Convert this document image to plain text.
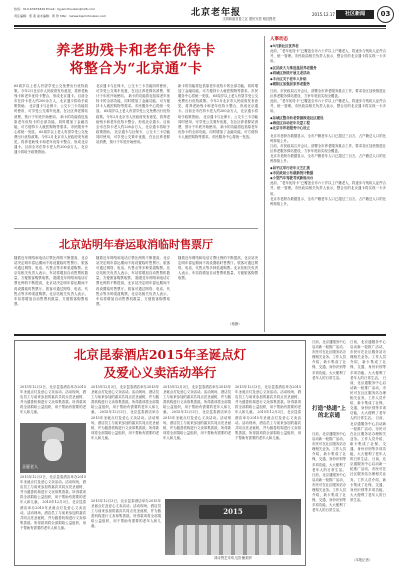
热线：010-63976329 Email：bjysmzhoukan@126.com
责任编辑：邢 燕 美术编辑：周 珍 http：//www.bjsmzhoukan.com	北京老年报
文明和谐首善之区 愿民安居 相扶携老
2015.12.17	社区新闻	03
养老助残卡和老年优待卡
将整合为“北京通”卡
65周岁以上老人有望享受公交免费出行优待政策。今年2月北京市人民政府发布意见，将养老助残卡和老年优待卡整合，形成北京通卡。目前全市在持卡老人约200余万人，北京通卡将给予政策资助。 北京通卡与社保卡，公交卡三卡功能同时使用，可享受公交乘车优惠，在社区养老驿站消费，预计于年底开始使用。 新卡的功能将包括原老年优待卡的全部功能，同时增加了金融功能，可方便持卡人就医购物等需求。市民服务中心将统一发放。 65周岁以上老人有望享受公交免费出行优待政策。今年2月北京市人民政府发布意见，将养老助残卡和老年优待卡整合，形成北京通卡。目前全市在持卡老人约200余万人，北京通卡将给予政策资助。
北京通卡与社保卡，公交卡三卡功能同时使用，可享受公交乘车优惠，在社区养老驿站消费，预计于年底开始使用。 新卡的功能将包括原老年优待卡的全部功能，同时增加了金融功能，可方便持卡人就医购物等需求。市民服务中心将统一发放。 65周岁以上老人有望享受公交免费出行优待政策。今年2月北京市人民政府发布意见，将养老助残卡和老年优待卡整合，形成北京通卡。目前全市在持卡老人约200余万人，北京通卡将给予政策资助。 北京通卡与社保卡，公交卡三卡功能同时使用，可享受公交乘车优惠，在社区养老驿站消费，预计于年底开始使用。
新卡的功能将包括原老年优待卡的全部功能，同时增加了金融功能，可方便持卡人就医购物等需求。市民服务中心将统一发放。 65周岁以上老人有望享受公交免费出行优待政策。今年2月北京市人民政府发布意见，将养老助残卡和老年优待卡整合，形成北京通卡。目前全市在持卡老人约200余万人，北京通卡将给予政策资助。 北京通卡与社保卡，公交卡三卡功能同时使用，可享受公交乘车优惠，在社区养老驿站消费，预计于年底开始使用。 新卡的功能将包括原老年优待卡的全部功能，同时增加了金融功能，可方便持卡人就医购物等需求。市民服务中心将统一发放。
人事动态
◆9月新社区优养老
此前，“老年优待卡”已覆盖全市六十岁以上户籍老人，将逐步与残疾人证件合并，统一管理。市民政局相关负责人表示，整合后的北京通卡将实现一卡多用。
◆区民政大力推进基层养老服务
◆西城区持续开展义老活动
◆丰台区关于老年人补贴
◆朝阳区加强居家养老服务
日前，市民政局召开会议，部署全市养老服务重点工作，要求各区加快推进社区养老服务驿站建设，力争年底前实现全覆盖。
此前，“老年优待卡”已覆盖全市六十岁以上户籍老人，将逐步与残疾人证件合并，统一管理。市民政局相关负责人表示，整合后的北京通卡将实现一卡多用。
◆东城区整合助老资源推进社区建设
◆海淀区启动老年关爱工程
◆北京市养老服务中心设立
北京市老龄办数据显示，全市户籍老年人口已超过三百万，占户籍总人口的比例持续上升。
日前，市民政局召开会议，部署全市养老服务重点工作，要求各区加快推进社区养老服务驿站建设，力争年底前实现全覆盖。
北京市老龄办数据显示，全市户籍老年人口已超过三百万，占户籍总人口的比例持续上升。
◆昌平区举行老年文艺汇演
◆市民政局公布最新统计数据
◆小型汽车驾驶考试新规出台
此前，“老年优待卡”已覆盖全市六十岁以上户籍老人，将逐步与残疾人证件合并，统一管理。市民政局相关负责人表示，整合后的北京通卡将实现一卡多用。
北京市老龄办数据显示，全市户籍老年人口已超过三百万，占户籍总人口的比例持续上升。
北京站明年春运取消临时售票厅
随着近年网络和电话订票比例的不断提高，北京站决定明年春运期间不再设置临时售票厅。旅客可通过网络、电话、代售点等多种渠道购票。北京站相关负责人表示，车站将增加自动售票机数量，方便旅客购票取票。 随着近年网络和电话订票比例的不断提高，北京站决定明年春运期间不再设置临时售票厅。旅客可通过网络、电话、代售点等多种渠道购票。北京站相关负责人表示，车站将增加自动售票机数量，方便旅客购票取票。
随着近年网络和电话订票比例的不断提高，北京站决定明年春运期间不再设置临时售票厅。旅客可通过网络、电话、代售点等多种渠道购票。北京站相关负责人表示，车站将增加自动售票机数量，方便旅客购票取票。 随着近年网络和电话订票比例的不断提高，北京站决定明年春运期间不再设置临时售票厅。旅客可通过网络、电话、代售点等多种渠道购票。北京站相关负责人表示，车站将增加自动售票机数量，方便旅客购票取票。
随着近年网络和电话订票比例的不断提高，北京站决定明年春运期间不再设置临时售票厅。旅客可通过网络、电话、代售点等多种渠道购票。北京站相关负责人表示，车站将增加自动售票机数量，方便旅客购票取票。
（杨静）
北京昆泰酒店2015年圣诞点灯
及爱心义卖活动举行
2015年12月3日，北京昆泰酒店举办2015年圣诞点灯及爱心义卖活动。活动现场，酒店员工与前来参加的嘉宾共同点亮圣诞树，并为慈善机构进行义卖募集善款。所得款项将全部捐给公益组织，用于帮助有需要的老年人和儿童。
圣诞老人
2015年12月3日，北京昆泰酒店举办2015年圣诞点灯及爱心义卖活动。活动现场，酒店员工与前来参加的嘉宾共同点亮圣诞树，并为慈善机构进行义卖募集善款。所得款项将全部捐给公益组织，用于帮助有需要的老年人和儿童。 2015年12月3日，北京昆泰酒店举办2015年圣诞点灯及爱心义卖活动。活动现场，酒店员工与前来参加的嘉宾共同点亮圣诞树，并为慈善机构进行义卖募集善款。所得款项将全部捐给公益组织，用于帮助有需要的老年人和儿童。
2015年12月3日，北京昆泰酒店举办2015年圣诞点灯及爱心义卖活动。活动现场，酒店员工与前来参加的嘉宾共同点亮圣诞树，并为慈善机构进行义卖募集善款。所得款项将全部捐给公益组织，用于帮助有需要的老年人和儿童。 2015年12月3日，北京昆泰酒店举办2015年圣诞点灯及爱心义卖活动。活动现场，酒店员工与前来参加的嘉宾共同点亮圣诞树，并为慈善机构进行义卖募集善款。所得款项将全部捐给公益组织，用于帮助有需要的老年人和儿童。
2015年12月3日，北京昆泰酒店举办2015年圣诞点灯及爱心义卖活动。活动现场，酒店员工与前来参加的嘉宾共同点亮圣诞树，并为慈善机构进行义卖募集善款。所得款项将全部捐给公益组织，用于帮助有需要的老年人和儿童。 2015年12月3日，北京昆泰酒店举办2015年圣诞点灯及爱心义卖活动。活动现场，酒店员工与前来参加的嘉宾共同点亮圣诞树，并为慈善机构进行义卖募集善款。所得款项将全部捐给公益组织，用于帮助有需要的老年人和儿童。
2015年12月3日，北京昆泰酒店举办2015年圣诞点灯及爱心义卖活动。活动现场，酒店员工与前来参加的嘉宾共同点亮圣诞树，并为慈善机构进行义卖募集善款。所得款项将全部捐给公益组织，用于帮助有需要的老年人和儿童。 2015年12月3日，北京昆泰酒店举办2015年圣诞点灯及爱心义卖活动。活动现场，酒店员工与前来参加的嘉宾共同点亮圣诞树，并为慈善机构进行义卖募集善款。所得款项将全部捐给公益组织，用于帮助有需要的老年人和儿童。
2015
刘诗贤艺术幼儿园·鲍莉莎
2015年12月3日，北京昆泰酒店举办2015年圣诞点灯及爱心义卖活动。活动现场，酒店员工与前来参加的嘉宾共同点亮圣诞树，并为慈善机构进行义卖募集善款。所得款项将全部捐给公益组织，用于帮助有需要的老年人和儿童。
日前，北京通服务中心启动新一轮推广活动，市民可在社区服务站办理相关业务。工作人员介绍，新卡集成了社保、交通、身份识别等多项功能，大大便利了老年人的日常生活。
日前，北京通服务中心启动新一轮推广活动，市民可在社区服务站办理相关业务。工作人员介绍，新卡集成了社保、交通、身份识别等多项功能，大大便利了老年人的日常生活。 日前，北京通服务中心启动新一轮推广活动，市民可在社区服务站办理相关业务。工作人员介绍，新卡集成了社保、交通、身份识别等多项功能，大大便利了老年人的日常生活。 日前，北京通服务中心启动新一轮推广活动，市民可在社区服务站办理相关业务。工作人员介绍，新卡集成了社保、交通、身份识别等多项功能，大大便利了老年人的日常生活。 日前，北京通服务中心启动新一轮推广活动，市民可在社区服务站办理相关业务。工作人员介绍，新卡集成了社保、交通、身份识别等多项功能，大大便利了老年人的日常生活。
打造“热道”上的北京通
日前，北京通服务中心启动新一轮推广活动，市民可在社区服务站办理相关业务。工作人员介绍，新卡集成了社保、交通、身份识别等多项功能，大大便利了老年人的日常生活。 日前，北京通服务中心启动新一轮推广活动，市民可在社区服务站办理相关业务。工作人员介绍，新卡集成了社保、交通、身份识别等多项功能，大大便利了老年人的日常生活。
（本报记者）
